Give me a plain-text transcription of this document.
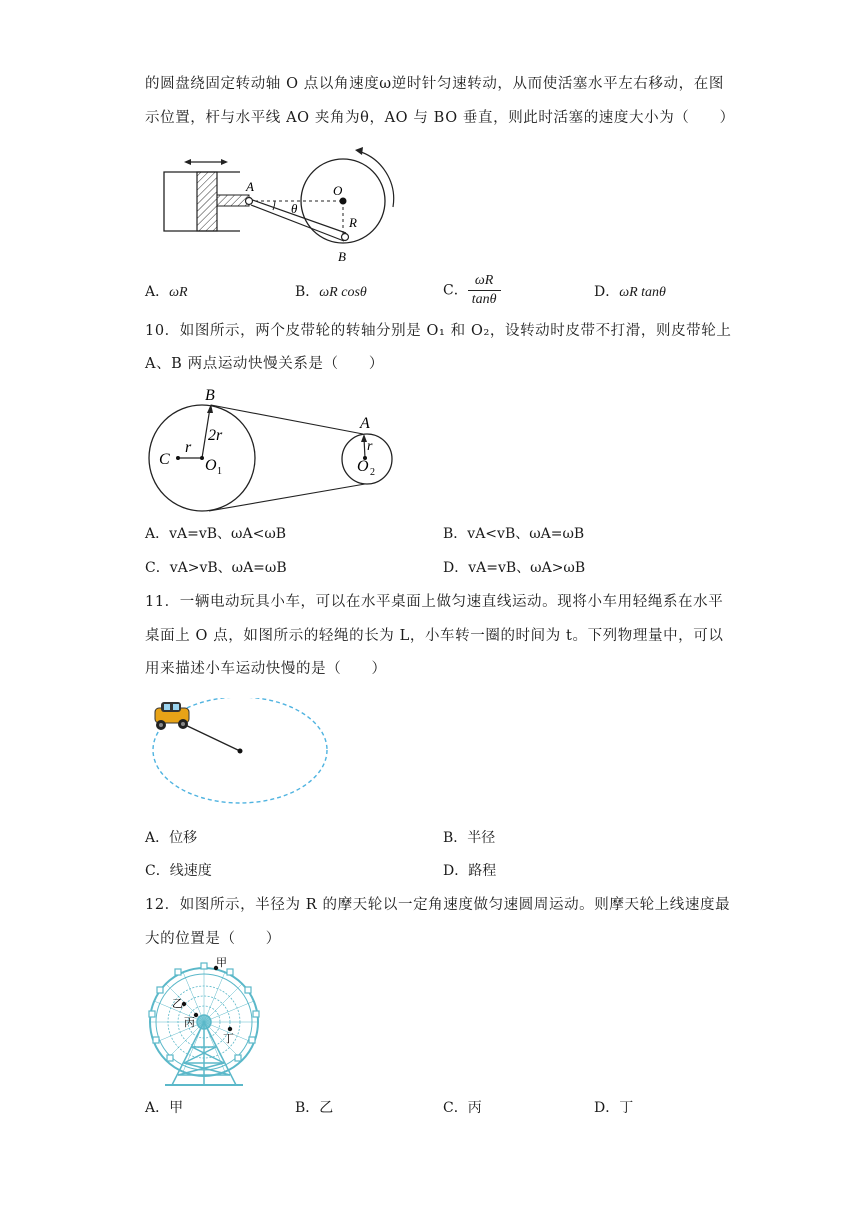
的圆盘绕固定转动轴 O 点以角速度ω逆时针匀速转动，从而使活塞水平左右移动，在图
示位置，杆与水平线 AO 夹角为θ，AO 与 BO 垂直，则此时活塞的速度大小为（　　）
A	O
θ
R
B
A．ωR	B．ωR cosθ	C． $\frac{\omega R}{\tan\theta}$	D．ωR tanθ
10．如图所示，两个皮带轮的转轴分别是 O₁ 和 O₂，设转动时皮带不打滑，则皮带轮上
A、B 两点运动快慢关系是（　　）
B
2r
C
r
O 1
A
r
O 2
A．vA=vB、ωA<ωB	B．vA<vB、ωA=ωB
C．vA>vB、ωA=ωB	D．vA=vB、ωA>ωB
11．一辆电动玩具小车，可以在水平桌面上做匀速直线运动。现将小车用轻绳系在水平
桌面上 O 点，如图所示的轻绳的长为 L，小车转一圈的时间为 t。下列物理量中，可以
用来描述小车运动快慢的是（　　）
A．位移	B．半径
C．线速度	D．路程
12．如图所示，半径为 R 的摩天轮以一定角速度做匀速圆周运动。则摩天轮上线速度最
大的位置是（　　）
甲
乙
丙
丁
A．甲	B．乙	C．丙	D．丁
